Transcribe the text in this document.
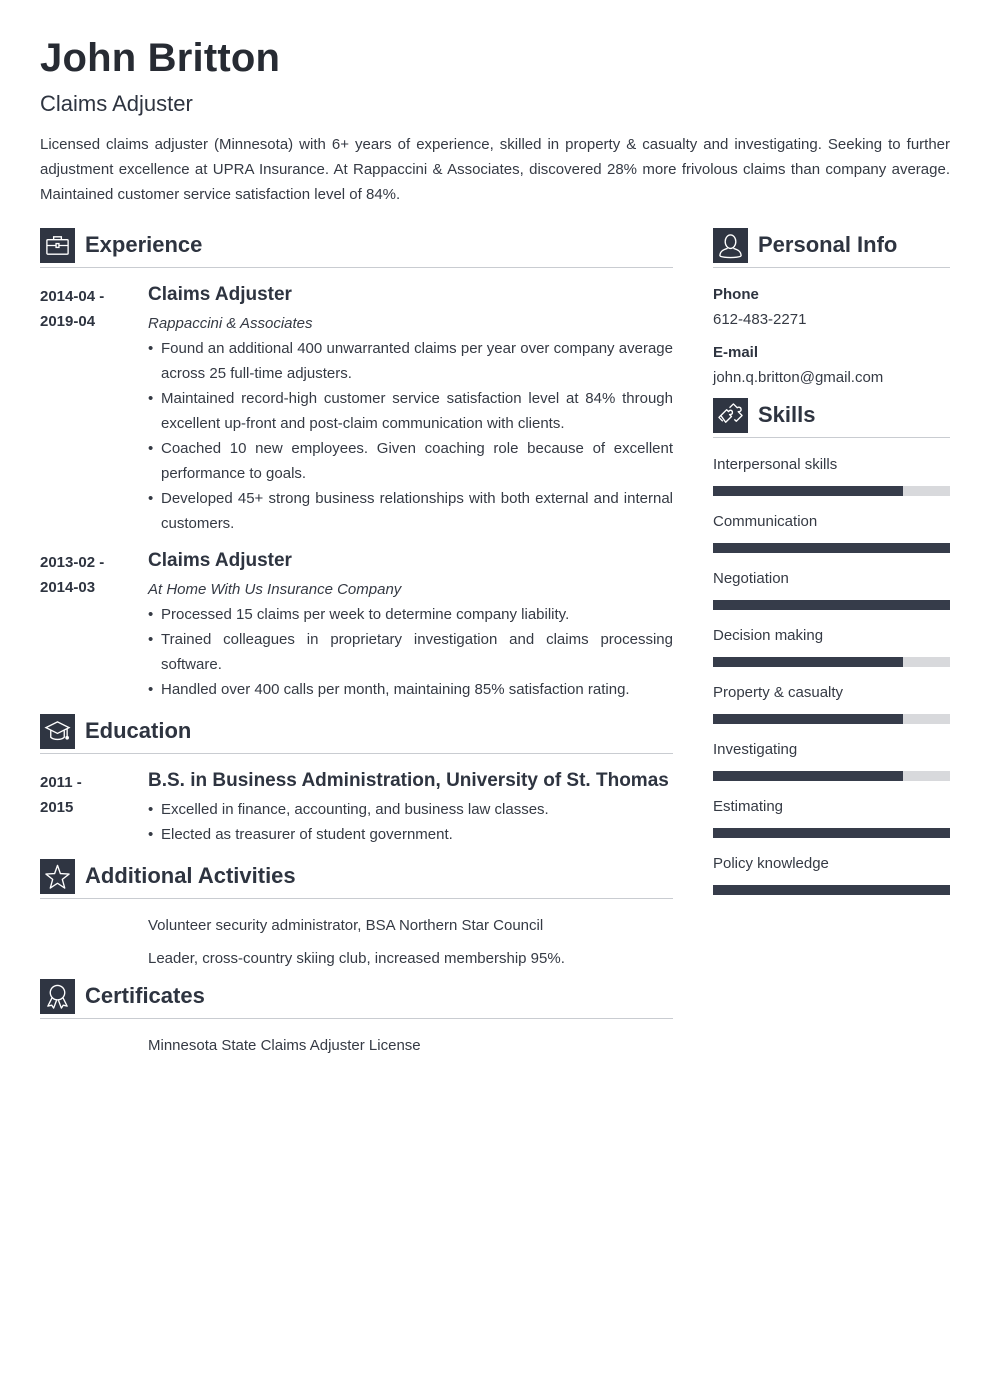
John Britton
Claims Adjuster
Licensed claims adjuster (Minnesota) with 6+ years of experience, skilled in property & casualty and investigating. Seeking to further adjustment excellence at UPRA Insurance. At Rappaccini & Associates, discovered 28% more frivolous claims than company average. Maintained customer service satisfaction level of 84%.
Experience
2014-04 -
2019-04
Claims Adjuster
Rappaccini & Associates
• Found an additional 400 unwarranted claims per year over company average across 25 full-time adjusters.
• Maintained record-high customer service satisfaction level at 84% through excellent up-front and post-claim communication with clients.
• Coached 10 new employees. Given coaching role because of excellent performance to goals.
• Developed 45+ strong business relationships with both external and internal customers.
2013-02 -
2014-03
Claims Adjuster
At Home With Us Insurance Company
• Processed 15 claims per week to determine company liability.
• Trained colleagues in proprietary investigation and claims processing software.
• Handled over 400 calls per month, maintaining 85% satisfaction rating.
Education
2011 -
2015
B.S. in Business Administration, University of St. Thomas
• Excelled in finance, accounting, and business law classes.
• Elected as treasurer of student government.
Additional Activities
Volunteer security administrator, BSA Northern Star Council
Leader, cross-country skiing club, increased membership 95%.
Certificates
Minnesota State Claims Adjuster License
Personal Info
Phone
612-483-2271
E-mail
john.q.britton@gmail.com
Skills
Interpersonal skills
Communication
Negotiation
Decision making
Property & casualty
Investigating
Estimating
Policy knowledge
